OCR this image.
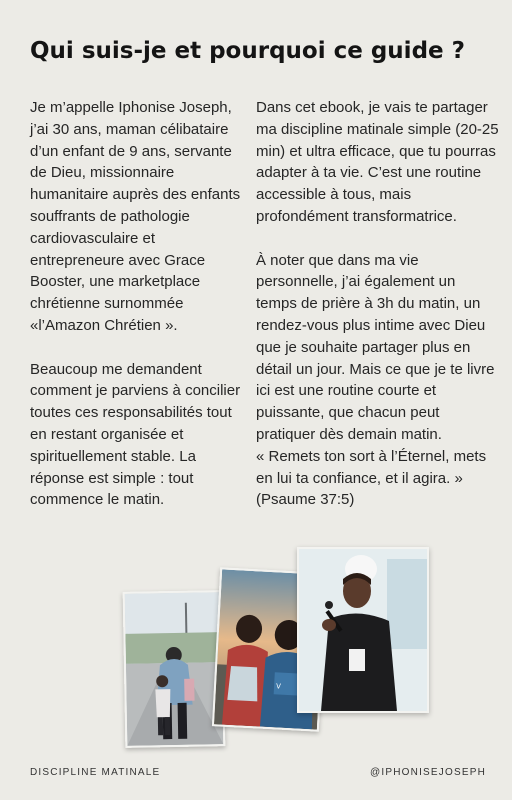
Qui suis-je et pourquoi ce guide ?

Je m’appelle Iphonise Joseph,
j’ai 30 ans, maman célibataire d’un enfant de 9 ans, servante de Dieu, missionnaire humanitaire auprès des enfants souffrants de pathologie cardiovasculaire et entrepreneure avec Grace Booster, une marketplace chrétienne surnommée «l’Amazon Chrétien ».

Beaucoup me demandent comment je parviens à concilier toutes ces responsabilités tout en restant organisée et spirituellement stable. La réponse est simple : tout commence le matin.

Dans cet ebook, je vais te partager ma discipline matinale simple (20-25 min) et ultra efficace, que tu pourras adapter à ta vie. C’est une routine accessible à tous, mais profondément transformatrice.

À noter que dans ma vie personnelle, j’ai également un temps de prière à 3h du matin, un rendez-vous plus intime avec Dieu que je souhaite partager plus en détail un jour. Mais ce que je te livre ici est une routine courte et puissante, que chacun peut pratiquer dès demain matin.
« Remets ton sort à l’Éternel, mets en lui ta confiance, et il agira. » (Psaume 37:5)

V
DISCIPLINE MATINALE	@IPHONISEJOSEPH
